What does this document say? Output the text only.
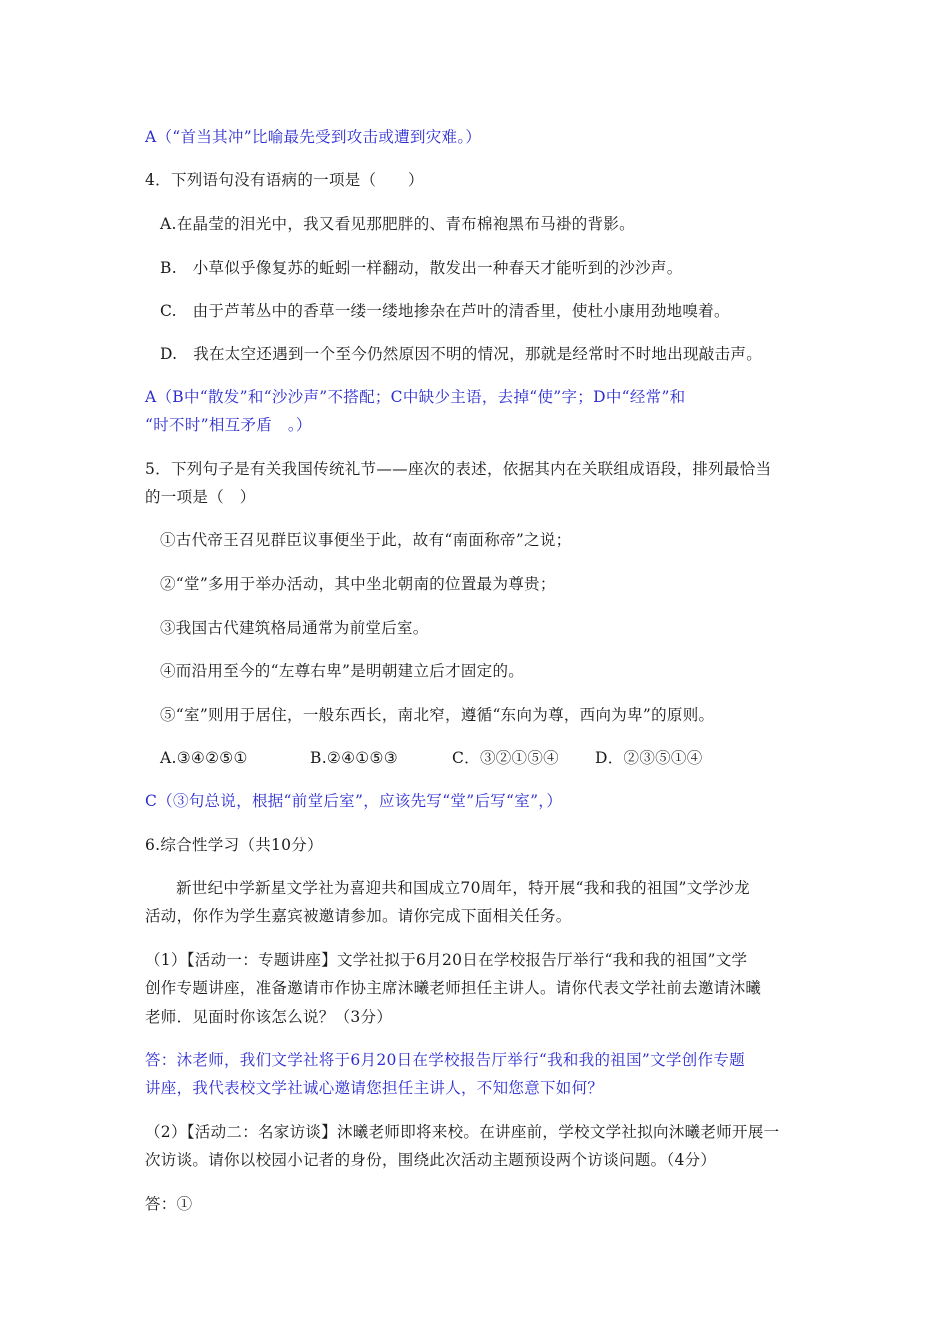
A（“首当其冲”比喻最先受到攻击或遭到灾难。）
4．下列语句没有语病的一项是（　　）
A.在晶莹的泪光中，我又看见那肥胖的、青布棉袍黑布马褂的背影。
B.　小草似乎像复苏的蚯蚓一样翻动，散发出一种春天才能听到的沙沙声。
C.　由于芦苇丛中的香草一缕一缕地掺杂在芦叶的清香里，使杜小康用劲地嗅着。
D.　我在太空还遇到一个至今仍然原因不明的情况，那就是经常时不时地出现敲击声。
A（B中“散发”和“沙沙声”不搭配；C中缺少主语，去掉“使”字；D中“经常”和
“时不时”相互矛盾　。）
5．下列句子是有关我国传统礼节——座次的表述，依据其内在关联组成语段，排列最恰当
的一项是（　）
①古代帝王召见群臣议事便坐于此，故有“南面称帝”之说；
②“堂”多用于举办活动，其中坐北朝南的位置最为尊贵；
③我国古代建筑格局通常为前堂后室。
④而沿用至今的“左尊右卑”是明朝建立后才固定的。
⑤“室”则用于居住，一般东西长，南北窄，遵循“东向为尊，西向为卑”的原则。
A.③④②⑤①	B.②④①⑤③	C．③②①⑤④ D．②③⑤①④
C（③句总说，根据“前堂后室”，应该先写“堂”后写“室”，）
6.综合性学习（共10分）
新世纪中学新星文学社为喜迎共和国成立70周年，特开展“我和我的祖国”文学沙龙
活动，你作为学生嘉宾被邀请参加。请你完成下面相关任务。
（1）【活动一：专题讲座】文学社拟于6月20日在学校报告厅举行“我和我的祖国”文学
创作专题讲座，准备邀请市作协主席沐曦老师担任主讲人。请你代表文学社前去邀请沐曦
老师．见面时你该怎么说？（3分）
答：沐老师，我们文学社将于6月20日在学校报告厅举行“我和我的祖国”文学创作专题
讲座，我代表校文学社诚心邀请您担任主讲人，不知您意下如何？
（2）【活动二：名家访谈】沐曦老师即将来校。在讲座前，学校文学社拟向沐曦老师开展一
次访谈。请你以校园小记者的身份，围绕此次活动主题预设两个访谈问题。（4分）
答：①
